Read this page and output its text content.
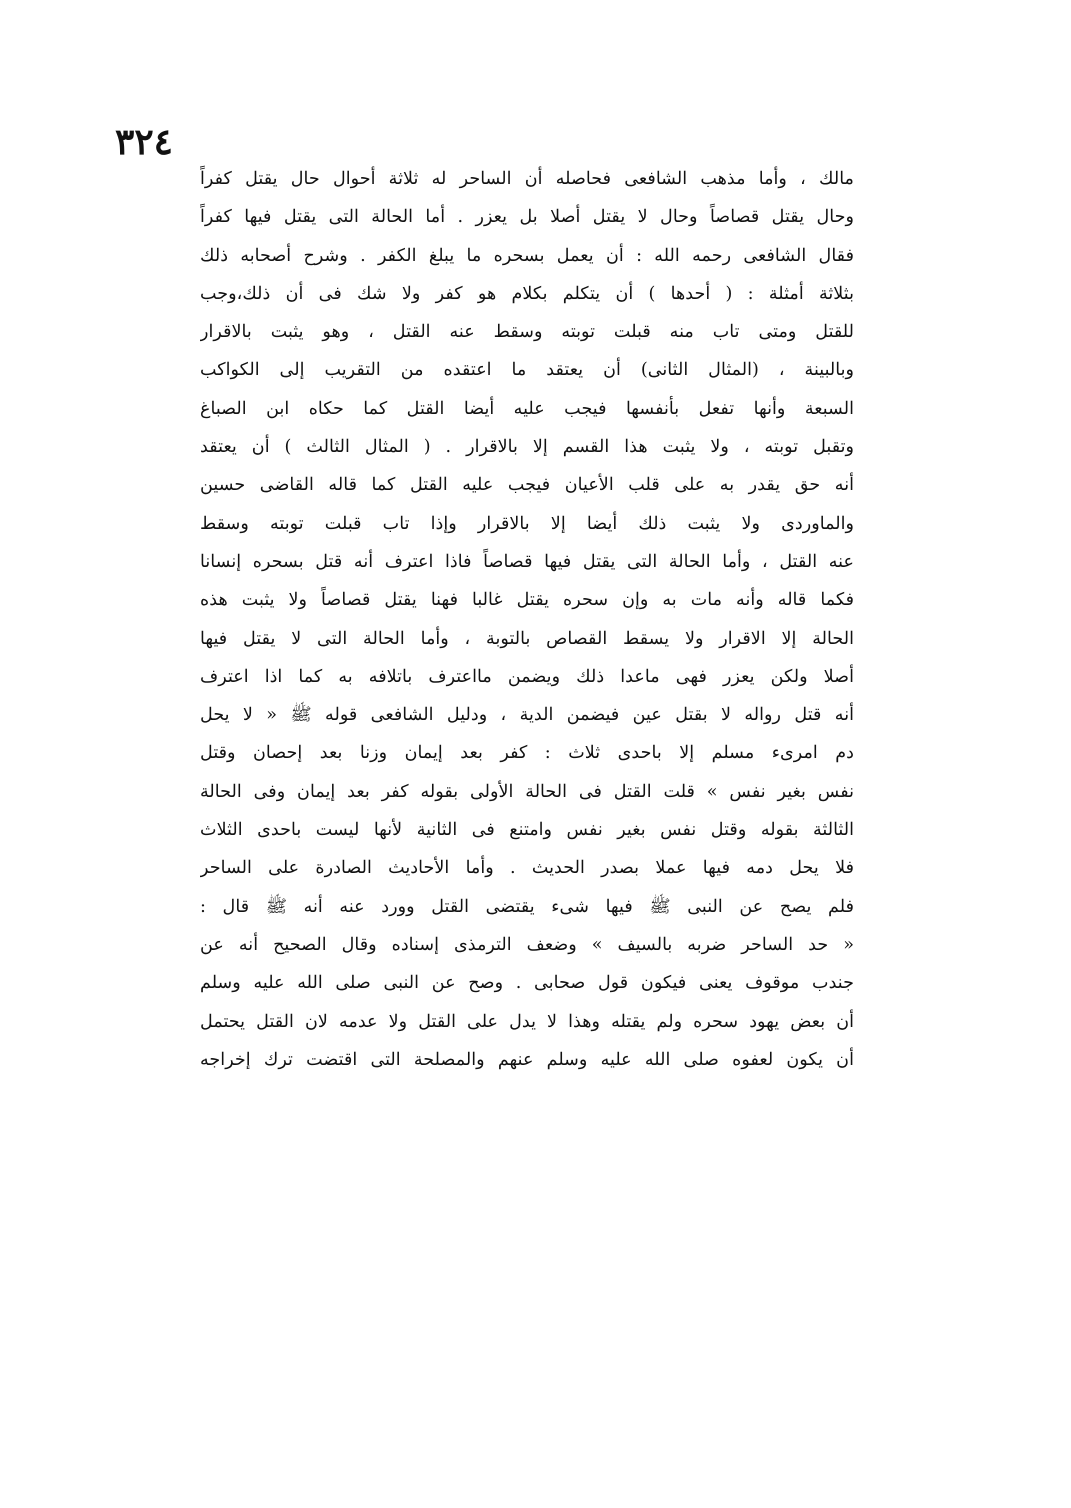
٣٢٤
مالك ، وأما مذهب الشافعى فحاصله أن الساحر له ثلاثة أحوال حال يقتل كفراً
وحال يقتل قصاصاً وحال لا يقتل أصلا بل يعزر . أما الحالة التى يقتل فيها كفراً
فقال الشافعى رحمه الله : أن يعمل بسحره ما يبلغ الكفر . وشرح أصحابه ذلك
بثلاثة أمثلة : ( أحدها ) أن يتكلم بكلام هو كفر ولا شك فى أن ذلك،وجب
للقتل ومتى تاب منه قبلت توبته وسقط عنه القتل ، وهو يثبت بالاقرار
وبالبينة ، (المثال الثانى) أن يعتقد ما اعتقده من التقريب إلى الكواكب
السبعة وأنها تفعل بأنفسها فيجب عليه أيضا القتل كما حكاه ابن الصباغ
وتقبل توبته ، ولا يثبت هذا القسم إلا بالاقرار . ( المثال الثالث ) أن يعتقد
أنه حق يقدر به على قلب الأعيان فيجب عليه القتل كما قاله القاضى حسين
والماوردى ولا يثبت ذلك أيضا إلا بالاقرار وإذا تاب قبلت توبته وسقط
عنه القتل ، وأما الحالة التى يقتل فيها قصاصاً فاذا اعترف أنه قتل بسحره إنسانا
فكما قاله وأنه مات به وإن سحره يقتل غالبا فهنا يقتل قصاصاً ولا يثبت هذه
الحالة إلا الاقرار ولا يسقط القصاص بالتوبة ، وأما الحالة التى لا يقتل فيها
أصلا ولكن يعزر فهى ماعدا ذلك ويضمن مااعترف باتلافه به كما اذا اعترف
أنه قتل رواله لا بقتل عين فيضمن الدية ، ودليل الشافعى قوله ﷺ « لا يحل
دم امرىء مسلم إلا باحدى ثلاث : كفر بعد إيمان وزنا بعد إحصان وقتل
نفس بغير نفس » قلت القتل فى الحالة الأولى بقوله كفر بعد إيمان وفى الحالة
الثالثة بقوله وقتل نفس بغير نفس وامتنع فى الثانية لأنها ليست باحدى الثلاث
فلا يحل دمه فيها عملا بصدر الحديث . وأما الأحاديث الصادرة على الساحر
فلم يصح عن النبى ﷺ فيها شىء يقتضى القتل وورد عنه أنه ﷺ قال :
« حد الساحر ضربه بالسيف » وضعف الترمذى إسناده وقال الصحيح أنه عن
جندب موقوف يعنى فيكون قول صحابى . وصح عن النبى صلى الله عليه وسلم
أن بعض يهود سحره ولم يقتله وهذا لا يدل على القتل ولا عدمه لان القتل يحتمل
أن يكون لعفوه صلى الله عليه وسلم عنهم والمصلحة التى اقتضت ترك إخراجه
